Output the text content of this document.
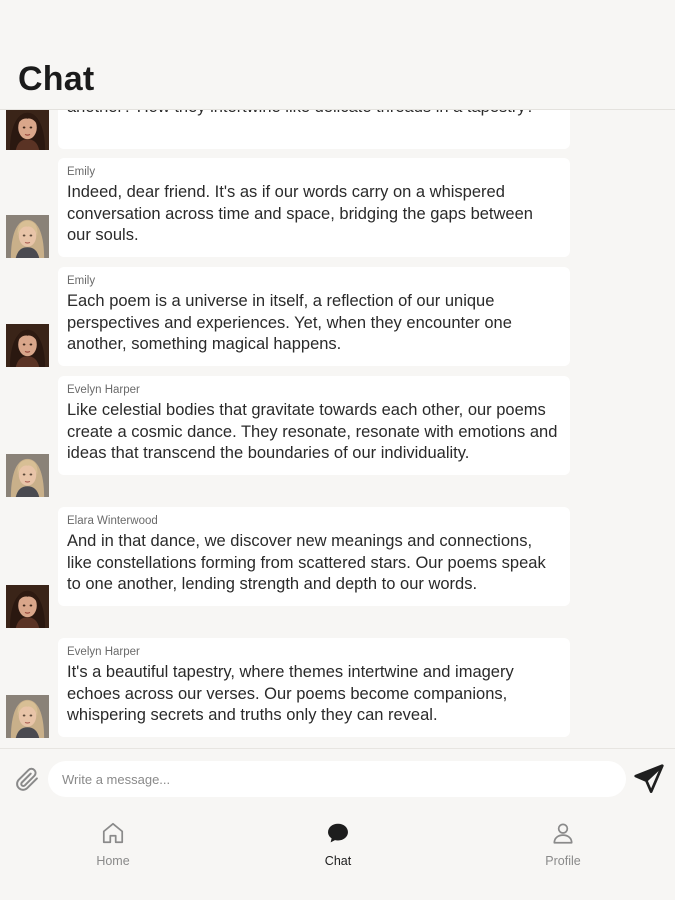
Chat
Emily
Indeed, dear friend. It's as if our words carry on a whispered conversation across time and space, bridging the gaps between our souls.
Emily
Each poem is a universe in itself, a reflection of our unique perspectives and experiences. Yet, when they encounter one another, something magical happens.
Evelyn Harper
Like celestial bodies that gravitate towards each other, our poems create a cosmic dance. They resonate, resonate with emotions and ideas that transcend the boundaries of our individuality.
Elara Winterwood
And in that dance, we discover new meanings and connections, like constellations forming from scattered stars. Our poems speak to one another, lending strength and depth to our words.
Evelyn Harper
It's a beautiful tapestry, where themes intertwine and imagery echoes across our verses. Our poems become companions, whispering secrets and truths only they can reveal.
Write a message...
Home	Chat	Profile
